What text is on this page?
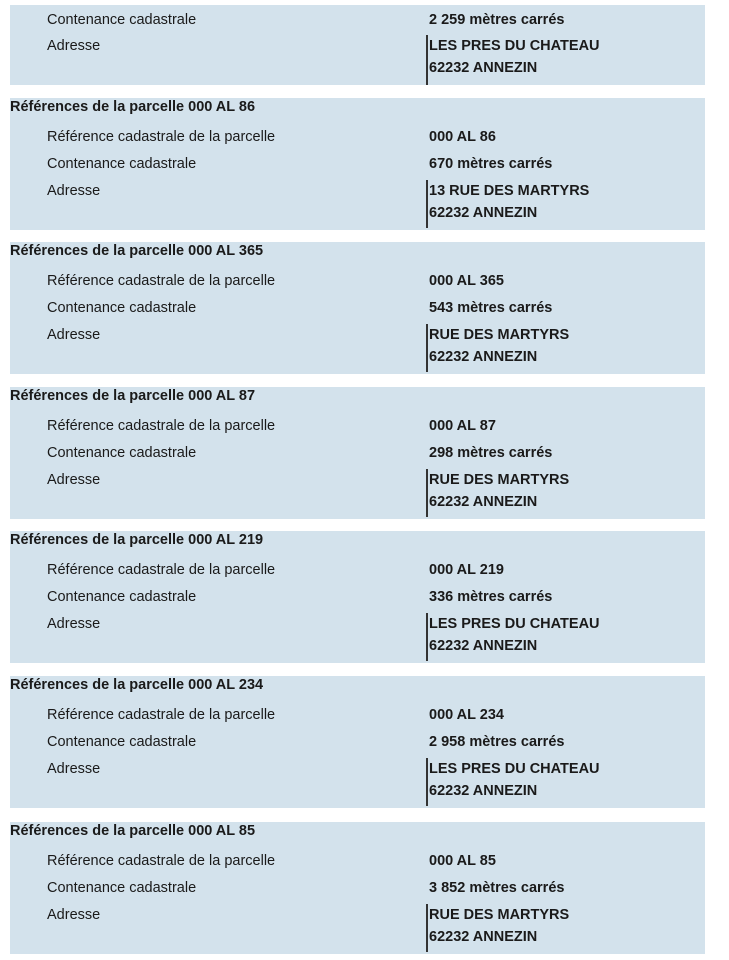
Contenance cadastrale	2 259 mètres carrés
Adresse	LES PRES DU CHATEAU
62232 ANNEZIN
Références de la parcelle 000 AL 86
Référence cadastrale de la parcelle	000 AL 86
Contenance cadastrale	670 mètres carrés
Adresse	13 RUE DES MARTYRS
62232 ANNEZIN
Références de la parcelle 000 AL 365
Référence cadastrale de la parcelle	000 AL 365
Contenance cadastrale	543 mètres carrés
Adresse	RUE DES MARTYRS
62232 ANNEZIN
Références de la parcelle 000 AL 87
Référence cadastrale de la parcelle	000 AL 87
Contenance cadastrale	298 mètres carrés
Adresse	RUE DES MARTYRS
62232 ANNEZIN
Références de la parcelle 000 AL 219
Référence cadastrale de la parcelle	000 AL 219
Contenance cadastrale	336 mètres carrés
Adresse	LES PRES DU CHATEAU
62232 ANNEZIN
Références de la parcelle 000 AL 234
Référence cadastrale de la parcelle	000 AL 234
Contenance cadastrale	2 958 mètres carrés
Adresse	LES PRES DU CHATEAU
62232 ANNEZIN
Références de la parcelle 000 AL 85
Référence cadastrale de la parcelle	000 AL 85
Contenance cadastrale	3 852 mètres carrés
Adresse	RUE DES MARTYRS
62232 ANNEZIN
